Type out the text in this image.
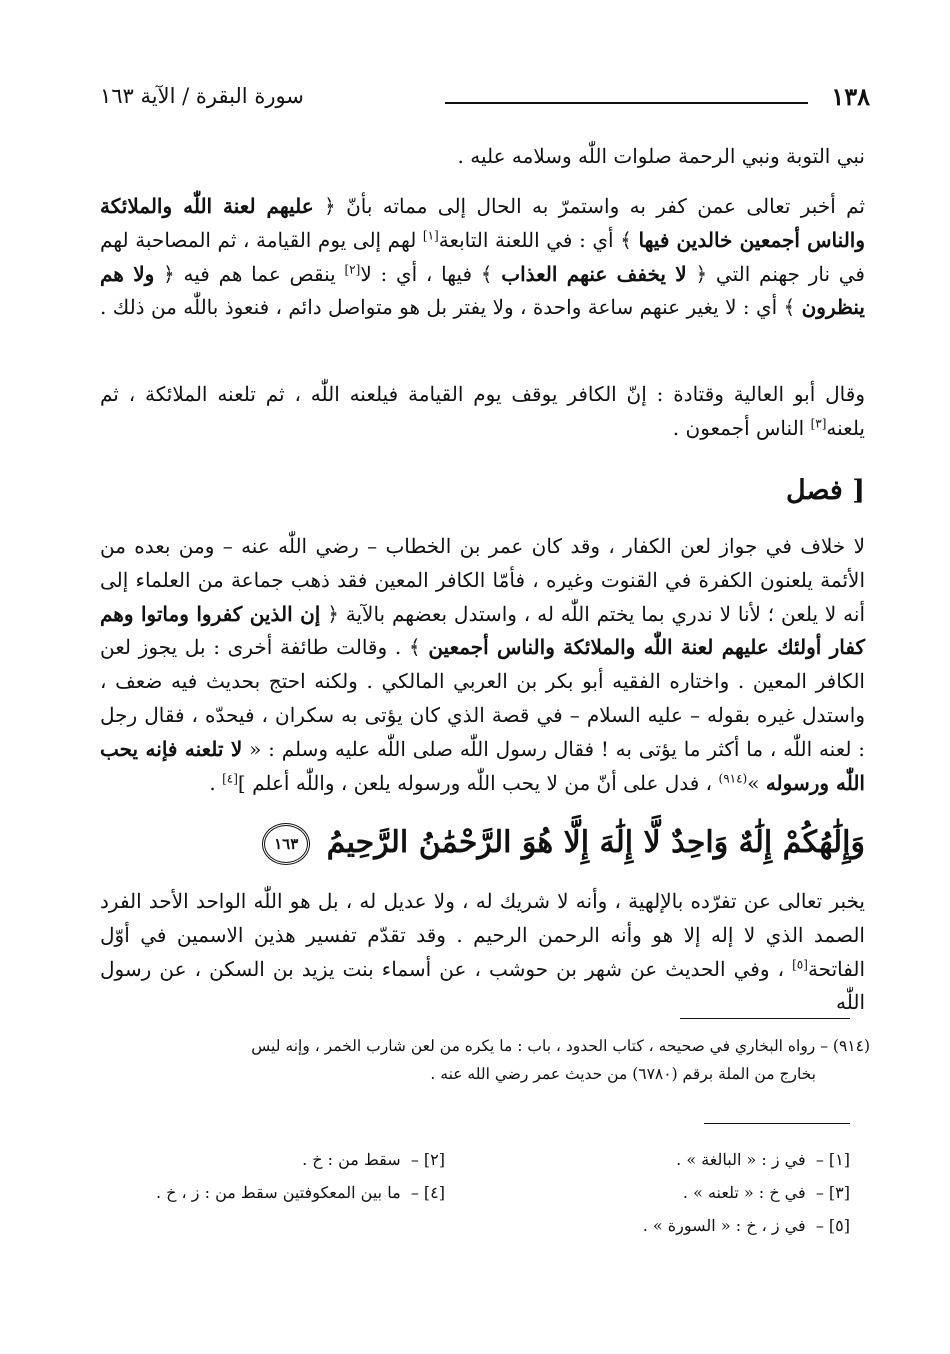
سورة البقرة / الآية ١٦٣	١٣٨
نبي التوبة ونبي الرحمة صلوات اللّٰه وسلامه عليه .
ثم أخبر تعالى عمن كفر به واستمرّ به الحال إلى مماته بأنّ ﴿ عليهم لعنة اللّٰه والملائكة والناس أجمعين خالدين فيها ﴾ أي : في اللعنة التابعة[١] لهم إلى يوم القيامة ، ثم المصاحبة لهم في نار جهنم التي ﴿ لا يخفف عنهم العذاب ﴾ فيها ، أي : لا[٢] ينقص عما هم فيه ﴿ ولا هم ينظرون ﴾ أي : لا يغير عنهم ساعة واحدة ، ولا يفتر بل هو متواصل دائم ، فنعوذ باللّٰه من ذلك .
وقال أبو العالية وقتادة : إنّ الكافر يوقف يوم القيامة فيلعنه اللّٰه ، ثم تلعنه الملائكة ، ثم يلعنه[٣] الناس أجمعون .
[ فصل
لا خلاف في جواز لعن الكفار ، وقد كان عمر بن الخطاب – رضي اللّٰه عنه – ومن بعده من الأئمة يلعنون الكفرة في القنوت وغيره ، فأمّا الكافر المعين فقد ذهب جماعة من العلماء إلى أنه لا يلعن ؛ لأنا لا ندري بما يختم اللّٰه له ، واستدل بعضهم بالآية ﴿ إن الذين كفروا وماتوا وهم كفار أولئك عليهم لعنة اللّٰه والملائكة والناس أجمعين ﴾ . وقالت طائفة أخرى : بل يجوز لعن الكافر المعين . واختاره الفقيه أبو بكر بن العربي المالكي . ولكنه احتج بحديث فيه ضعف ، واستدل غيره بقوله – عليه السلام – في قصة الذي كان يؤتى به سكران ، فيحدّه ، فقال رجل : لعنه اللّٰه ، ما أكثر ما يؤتى به ! فقال رسول اللّٰه صلى اللّٰه عليه وسلم : « لا تلعنه فإنه يحب اللّٰه ورسوله »$^{(٩١٤)}$ ، فدل على أنّ من لا يحب اللّٰه ورسوله يلعن ، واللّٰه أعلم ][٤] .
وَإِلَٰهُكُمْ إِلَٰهٌ وَاحِدٌ لَّا إِلَٰهَ إِلَّا هُوَ الرَّحْمَٰنُ الرَّحِيمُ ١٦٣
يخبر تعالى عن تفرّده بالإلهية ، وأنه لا شريك له ، ولا عديل له ، بل هو اللّٰه الواحد الأحد الفرد الصمد الذي لا إله إلا هو وأنه الرحمن الرحيم . وقد تقدّم تفسير هذين الاسمين في أوّل الفاتحة[٥] ، وفي الحديث عن شهر بن حوشب ، عن أسماء بنت يزيد بن السكن ، عن رسول اللّٰه
(٩١٤) – رواه البخاري في صحيحه ، كتاب الحدود ، باب : ما يكره من لعن شارب الخمر ، وإنه ليس
بخارج من الملة برقم (٦٧٨٠) من حديث عمر رضي الله عنه .
[١] –  في ز : « البالغة » .
[٢] –  سقط من : خ .
[٣] –  في خ : « تلعنه » .
[٤] –  ما بين المعكوفتين سقط من : ز ، خ .
[٥] –  في ز ، خ : « السورة » .
